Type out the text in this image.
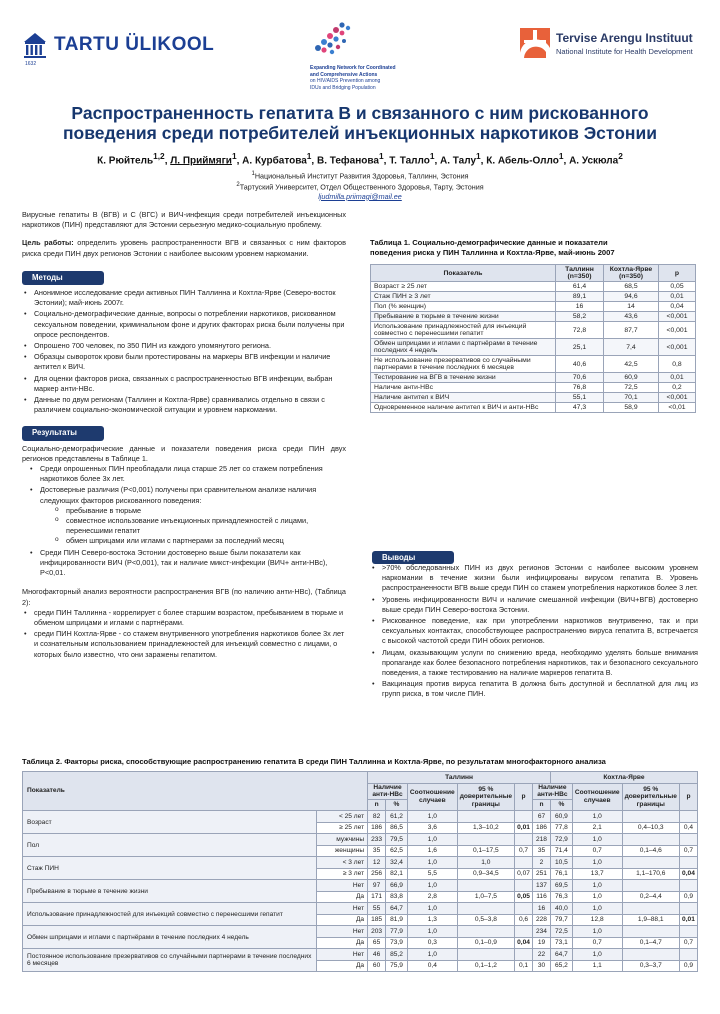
TARTU ÜLIKOOL
1632
Expanding Network for Coordinated
and Comprehensive Actions
on HIV/AIDS Prevention among
IDUs and Bridging Population
Tervise Arengu Instituut
National Institute for Health Development
Распространенность гепатита В и связанного с ним рискованного
поведения среди потребителей инъекционных наркотиков Эстонии
К. Рюйтель$^{1,2}$, Л. Приймяги$^1$, А. Курбатова$^1$, В. Тефанова$^1$, Т. Талло$^1$, А. Талу$^1$, К. Абель-Олло$^1$, А. Ускюла$^2$
$^1$Национальный Институт Развития Здоровья, Таллинн, Эстония
$^2$Тартуский Университет, Отдел Общественного Здоровья, Тарту, Эстония
ljudmilla.priimagi@mail.ee

Вирусные гепатиты В (ВГВ) и С (ВГС) и ВИЧ-инфекция среди потребителей инъекционных наркотиков (ПИН) представляют для Эстонии серьезную медико-социальную проблему.

Цель работы: определить уровень распространенности ВГВ и связанных с ним факторов риска среди ПИН двух регионов Эстонии с наиболее высоким уровнем наркомании.

Методы
• Анонимное исследование среди активных ПИН Таллинна и Кохтла-Ярве (Северо-восток Эстонии); май-июнь 2007г.
• Социально-демографические данные, вопросы о потреблении наркотиков, рискованном сексуальном поведении, криминальном фоне и других факторах риска были получены при опросе респондентов.
• Опрошено 700 человек, по 350 ПИН из каждого упомянутого региона.
• Образцы сывороток крови были протестированы на маркеры ВГВ инфекции и наличие антител к ВИЧ.
• Для оценки факторов риска, связанных с распространенностью ВГВ инфекции, выбран маркер анти-НВс.
• Данные по двум регионам (Таллинн и Кохтла-Ярве) сравнивались отдельно в связи с различием социально-экономической ситуации и уровнем наркомании.
Результаты
Социально-демографические данные и показатели поведения риска среди ПИН двух регионов представлены в Таблице 1.
• Среди опрошенных ПИН преобладали лица старше 25 лет со стажем потребления наркотиков более 3х лет.
• Достоверные различия (Р<0,001) получены при сравнительном анализе наличия следующих факторов рискованного поведения:
o пребывание в тюрьме
o совместное использование инъекционных принадлежностей с лицами, перенесшими гепатит
o обмен шприцами или иглами с партнерами за последний месяц
• Среди ПИН Северо-востока Эстонии достоверно выше были показатели как инфицированности ВИЧ (Р<0,001), так и наличие микст-инфекции (ВИЧ+ анти-НВс), Р<0,01.

Многофакторный анализ вероятности распространения ВГВ (по наличию анти-НВс), (Таблица 2):

• среди ПИН Таллинна - коррелирует с более старшим возрастом, пребыванием в тюрьме и обменом шприцами и иглами с партнёрами.
• среди ПИН Кохтла-Ярве - со стажем внутривенного употребления наркотиков более 3х лет и сознательным использованием принадлежностей для инъекций совместно с лицами, о которых было известно, что они заражены гепатитом.
Таблица 1. Социально-демографические данные и показатели
поведения риска у ПИН Таллинна и Кохтла-Ярве, май-июнь 2007
Показатель	Таллинн (n=350)	Кохтла-Ярве (n=350)	p
Возраст ≥ 25 лет	61,4	68,5	0,05
Стаж ПИН ≥ 3 лет	89,1	94,6	0,01
Пол (% женщин)	16	14	0,04
Пребывание в тюрьме в течение жизни	58,2	43,6	<0,001
Использование принадлежностей для инъекций совместно с перенесшими гепатит	72,8	87,7	<0,001
Обмен шприцами и иглами с партнёрами в течение последних 4 недель	25,1	7,4	<0,001
Не использование презервативов со случайными партнерами в течение последних 6 месяцев	40,6	42,5	0,8
Тестирование на ВГВ в течение жизни	70,6	60,9	0,01
Наличие анти-НВс	76,8	72,5	0,2
Наличие антител к ВИЧ	55,1	70,1	<0,001
Одновременное наличие антител к ВИЧ и анти-НВс	47,3	58,9	<0,01
Выводы
• >70% обследованных ПИН из двух регионов Эстонии с наиболее высоким уровнем наркомании в течение жизни были инфицированы вирусом гепатита В. Уровень распространенности ВГВ выше среди ПИН со стажем употребления наркотиков более 3 лет.
• Уровень инфицированности ВИЧ и наличие смешанной инфекции (ВИЧ+ВГВ) достоверно выше среди ПИН Северо-востока Эстонии.
• Рискованное поведение, как при употреблении наркотиков внутривенно, так и при сексуальных контактах, способствующее распространению вируса гепатита В, встречается с высокой частотой среди ПИН обоих регионов.
• Лицам, оказывающим услуги по снижению вреда, необходимо уделять больше внимания пропаганде как более безопасного потребления наркотиков, так и безопасного сексуального поведения, а также тестированию на наличие маркеров гепатита В.
• Вакцинация против вируса гепатита В должна быть доступной и бесплатной для лиц из групп риска, в том числе ПИН.
Таблица 2. Факторы риска, способствующие распространению гепатита В среди ПИН Таллинна и Кохтла-Ярве, по результатам многофакторного анализа
Показатель		Таллинн						Кохтла-Ярве			
		Наличие анти-НВс		Соотношение случаев	95 % доверительные границы	p	Наличие анти-НВс		Соотношение случаев	95 % доверительные границы	p
		n	%				n	%			
Возраст	< 25 лет	82	61,2	1,0			67	60,9	1,0		
	≥ 25 лет	186	86,5	3,6	1,3–10,2	0,01	186	77,8	2,1	0,4–10,3	0,4
Пол	мужчины	233	79,5	1,0			218	72,9	1,0		
	женщины	35	62,5	1,6	0,1–17,5	0,7	35	71,4	0,7	0,1–4,6	0,7
Стаж ПИН	< 3 лет	12	32,4	1,0	1,0		2	10,5	1,0		
	≥ 3 лет	256	82,1	5,5	0,9–34,5	0,07	251	76,1	13,7	1,1–170,6	0,04
Пребывание в тюрьме в течение жизни	Нет	97	66,9	1,0			137	69,5	1,0		
	Да	171	83,8	2,8	1,0–7,5	0,05	116	76,3	1,0	0,2–4,4	0,9
Использование принадлежностей для инъекций совместно с перенесшими гепатит	Нет	55	64,7	1,0			16	40,0	1,0		
	Да	185	81,9	1,3	0,5–3,8	0,6	228	79,7	12,8	1,9–88,1	0,01
Обмен шприцами и иглами с партнёрами в течение последних 4 недель	Нет	203	77,9	1,0			234	72,5	1,0		
	Да	65	73,9	0,3	0,1–0,9	0,04	19	73,1	0,7	0,1–4,7	0,7
Постоянное использование презервативов со случайными партнерами в течение последних 6 месяцев	Нет	46	85,2	1,0			22	64,7	1,0		
	Да	60	75,9	0,4	0,1–1,2	0,1	30	65,2	1,1	0,3–3,7	0,9
